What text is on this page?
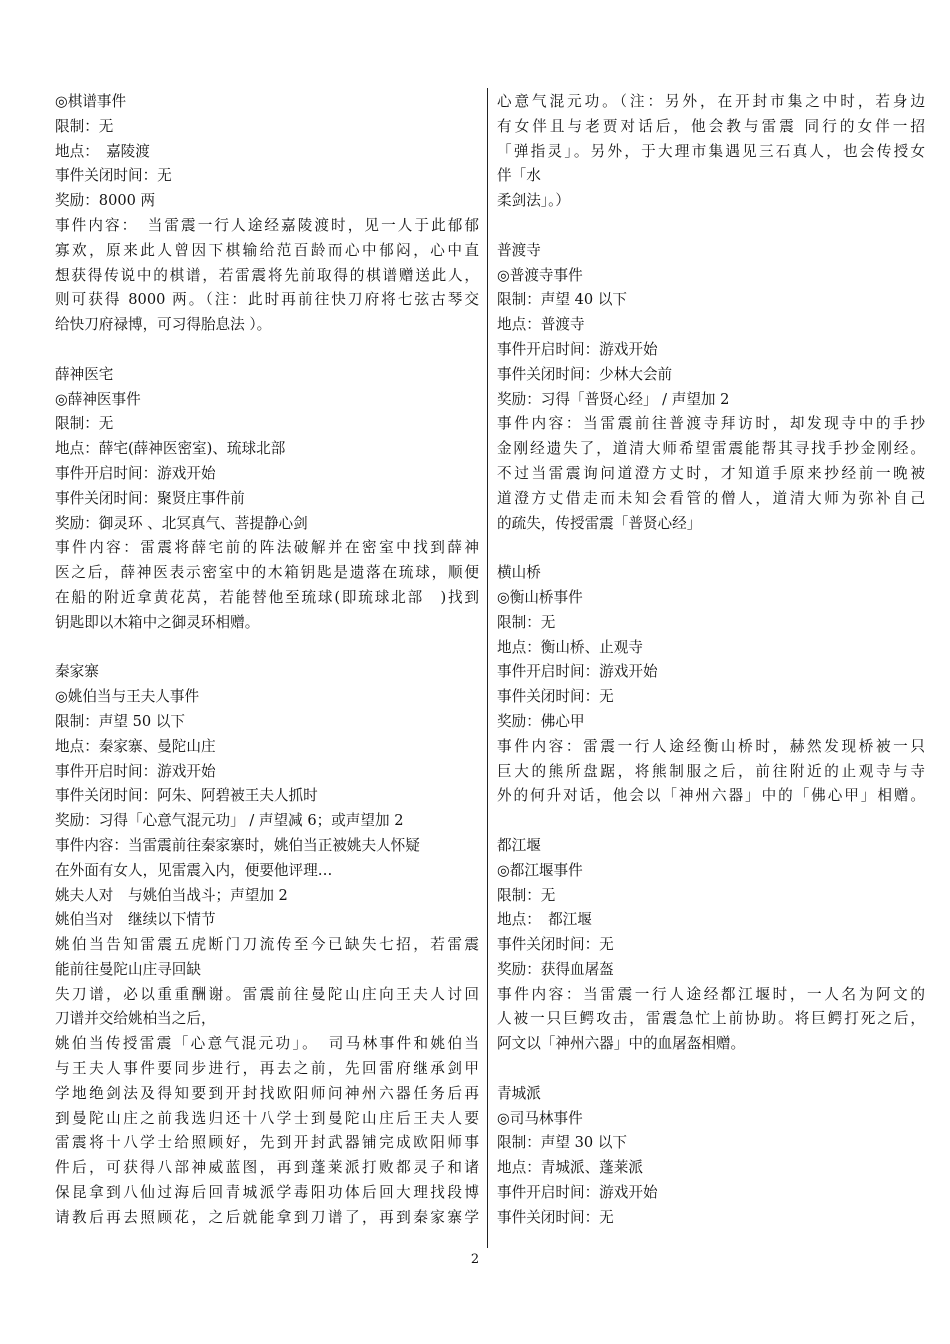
◎棋谱事件
限制：无
地点：　嘉陵渡
事件关闭时间：无
奖励：8000 两
事件内容：　当雷震一行人途经嘉陵渡时，见一人于此郁郁
寡欢，原来此人曾因下棋输给范百龄而心中郁闷，心中直
想获得传说中的棋谱，若雷震将先前取得的棋谱赠送此人，
则可获得 8000 两。（注：此时再前往快刀府将七弦古琴交
给快刀府禄博，可习得胎息法 ）。
薛神医宅
◎薛神医事件
限制：无
地点：薛宅(薛神医密室)、琉球北部
事件开启时间：游戏开始
事件关闭时间：聚贤庄事件前
奖励：御灵环 、北冥真气、菩提静心剑
事件内容：雷震将薛宅前的阵法破解并在密室中找到薛神
医之后，薛神医表示密室中的木箱钥匙是遗落在琉球，顺便
在船的附近拿黄花莴，若能替他至琉球(即琉球北部　)找到
钥匙即以木箱中之御灵环相赠。
秦家寨
◎姚伯当与王夫人事件
限制：声望 50 以下
地点：秦家寨、曼陀山庄
事件开启时间：游戏开始
事件关闭时间：阿朱、阿碧被王夫人抓时
奖励：习得「心意气混元功」 / 声望减 6；或声望加 2
事件内容：当雷震前往秦家寨时，姚伯当正被姚夫人怀疑
在外面有女人，见雷震入内，便要他评理…
姚夫人对　与姚伯当战斗；声望加 2
姚伯当对　继续以下情节
姚伯当告知雷震五虎断门刀流传至今已缺失七招，若雷震
能前往曼陀山庄寻回缺
失刀谱，必以重重酬谢。雷震前往曼陀山庄向王夫人讨回
刀谱并交给姚柏当之后，
姚伯当传授雷震「心意气混元功」。　司马林事件和姚伯当
与王夫人事件要同步进行，再去之前，先回雷府继承剑甲
学地绝剑法及得知要到开封找欧阳师问神州六器任务后再
到曼陀山庄之前我选归还十八学士到曼陀山庄后王夫人要
雷震将十八学士给照顾好，先到开封武器铺完成欧阳师事
件后，可获得八部神威蓝图，再到蓬莱派打败都灵子和诸
保昆拿到八仙过海后回青城派学毒阳功体后回大理找段博
请教后再去照顾花，之后就能拿到刀谱了，再到秦家寨学
心意气混元功。（注：另外，在开封市集之中时，若身边
有女伴且与老贾对话后，他会教与雷震 同行的女伴一招
「弹指灵」。另外，于大理市集遇见三石真人，也会传授女
伴「水
柔剑法」。）
普渡寺
◎普渡寺事件
限制：声望 40 以下
地点：普渡寺
事件开启时间：游戏开始
事件关闭时间：少林大会前
奖励：习得「普贤心经」 / 声望加 2
事件内容：当雷震前往普渡寺拜访时，却发现寺中的手抄
金刚经遗失了，道清大师希望雷震能帮其寻找手抄金刚经。
不过当雷震询问道澄方丈时，才知道手原来抄经前一晚被
道澄方丈借走而未知会看管的僧人，道清大师为弥补自己
的疏失，传授雷震「普贤心经」
横山桥
◎衡山桥事件
限制：无
地点：衡山桥、止观寺
事件开启时间：游戏开始
事件关闭时间：无
奖励：佛心甲
事件内容：雷震一行人途经衡山桥时，赫然发现桥被一只
巨大的熊所盘踞，将熊制服之后，前往附近的止观寺与寺
外的何升对话，他会以「神州六器」中的「佛心甲」相赠。
都江堰
◎都江堰事件
限制：无
地点：　都江堰
事件关闭时间：无
奖励：获得血屠盔
事件内容：当雷震一行人途经都江堰时，一人名为阿文的
人被一只巨鳄攻击，雷震急忙上前协助。将巨鳄打死之后，
阿文以「神州六器」中的血屠盔相赠。
青城派
◎司马林事件
限制：声望 30 以下
地点：青城派、蓬莱派
事件开启时间：游戏开始
事件关闭时间：无
2
